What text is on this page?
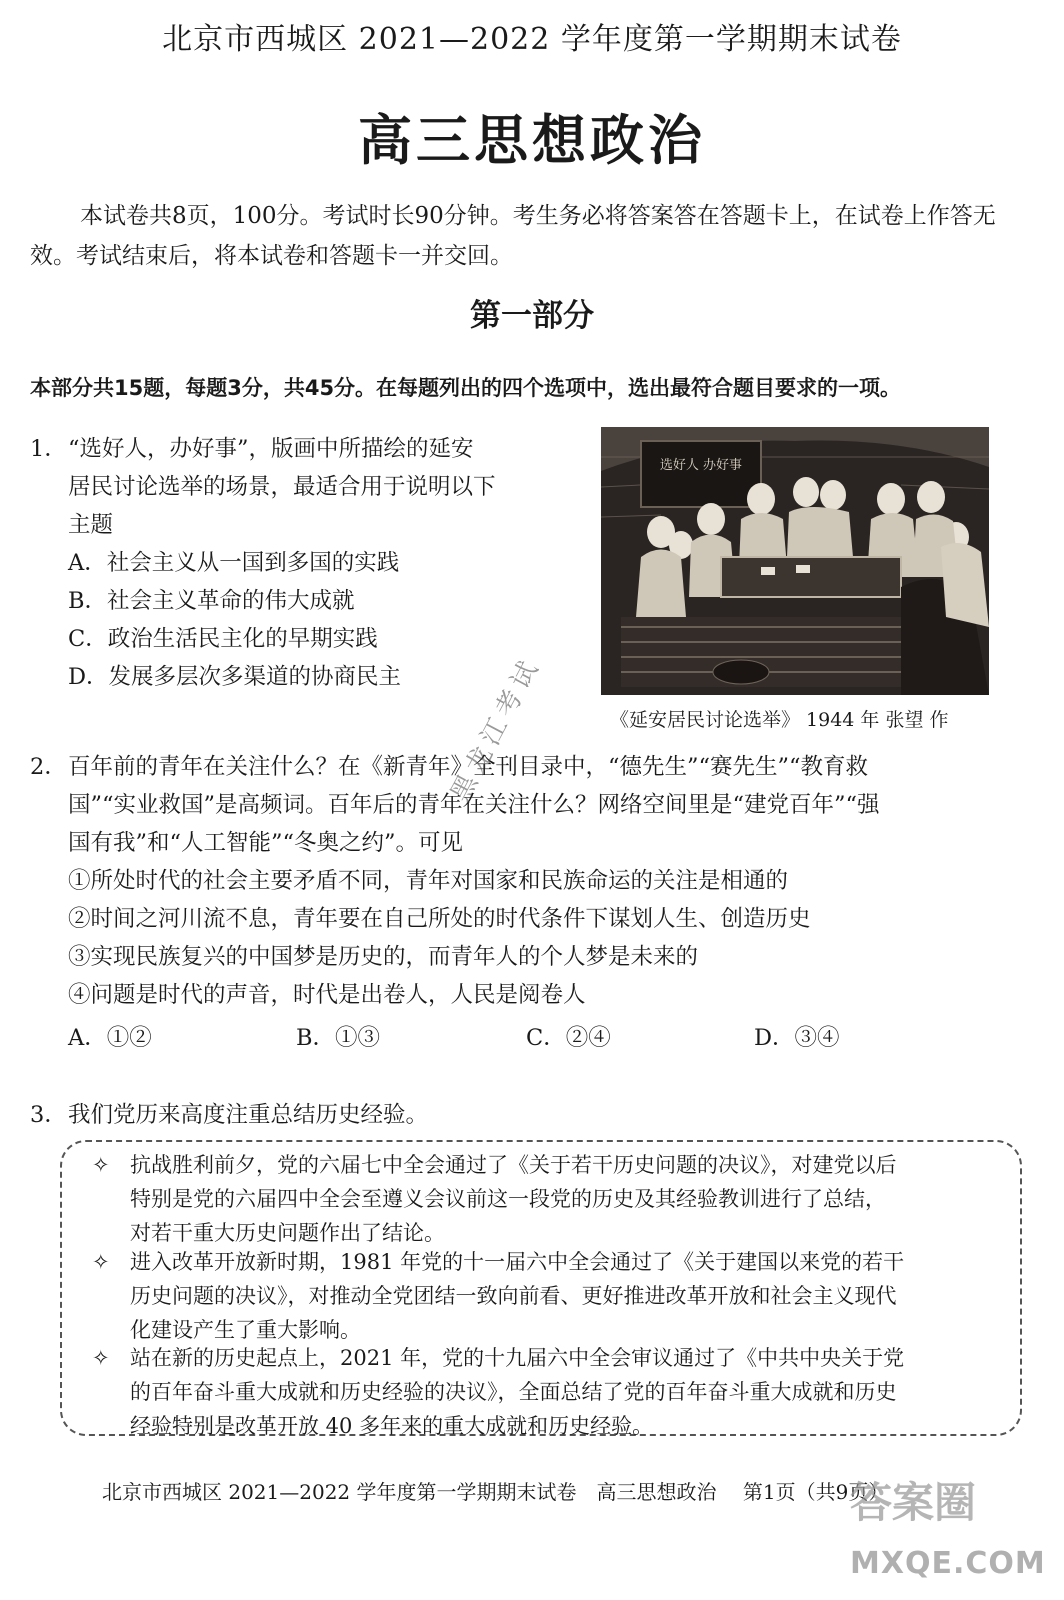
北京市西城区 2021—2022 学年度第一学期期末试卷
高三思想政治
本试卷共8页，100分。考试时长90分钟。考生务必将答案答在答题卡上，在试卷上作答无效。考试结束后，将本试卷和答题卡一并交回。
第一部分
本部分共15题，每题3分，共45分。在每题列出的四个选项中，选出最符合题目要求的一项。
1． “选好人，办好事”，版画中所描绘的延安
居民讨论选举的场景，最适合用于说明以下
主题
A．社会主义从一国到多国的实践
B．社会主义革命的伟大成就
C．政治生活民主化的早期实践
D．发展多层次多渠道的协商民主
选好人 办好事
《延安居民讨论选举》 1944 年 张望 作
2． 百年前的青年在关注什么？在《新青年》全刊目录中，“德先生”“赛先生”“教育救
国”“实业救国”是高频词。百年后的青年在关注什么？网络空间里是“建党百年”“强
国有我”和“人工智能”“冬奥之约”。可见
①所处时代的社会主要矛盾不同，青年对国家和民族命运的关注是相通的
②时间之河川流不息，青年要在自己所处的时代条件下谋划人生、创造历史
③实现民族复兴的中国梦是历史的，而青年人的个人梦是未来的
④问题是时代的声音，时代是出卷人，人民是阅卷人
A．①②	B．①③	C．②④	D．③④
3． 我们党历来高度注重总结历史经验。
✧ 抗战胜利前夕，党的六届七中全会通过了《关于若干历史问题的决议》，对建党以后
特别是党的六届四中全会至遵义会议前这一段党的历史及其经验教训进行了总结，
对若干重大历史问题作出了结论。
✧ 进入改革开放新时期，1981 年党的十一届六中全会通过了《关于建国以来党的若干
历史问题的决议》，对推动全党团结一致向前看、更好推进改革开放和社会主义现代
化建设产生了重大影响。
✧ 站在新的历史起点上，2021 年，党的十九届六中全会审议通过了《中共中央关于党
的百年奋斗重大成就和历史经验的决议》，全面总结了党的百年奋斗重大成就和历史
经验特别是改革开放 40 多年来的重大成就和历史经验。
北京市西城区 2021—2022 学年度第一学期期末试卷　高三思想政治　 第1页（共9页）
黑龙江考试
答案圈
MXQE.COM
